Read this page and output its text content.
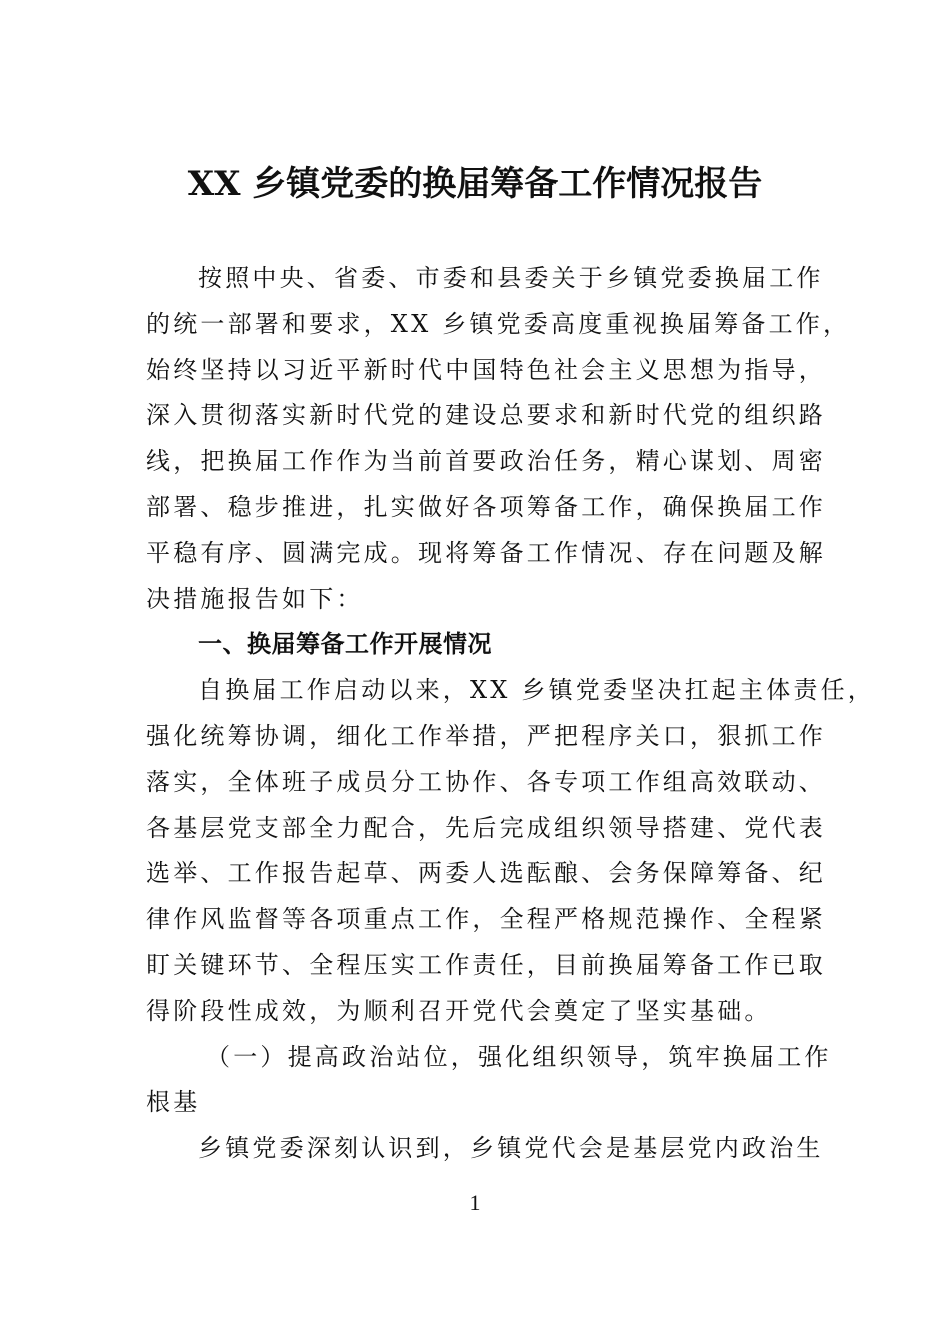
XX 乡镇党委的换届筹备工作情况报告
按照中央、省委、市委和县委关于乡镇党委换届工作
的统一部署和要求，XX 乡镇党委高度重视换届筹备工作，
始终坚持以习近平新时代中国特色社会主义思想为指导，
深入贯彻落实新时代党的建设总要求和新时代党的组织路
线，把换届工作作为当前首要政治任务，精心谋划、周密
部署、稳步推进，扎实做好各项筹备工作，确保换届工作
平稳有序、圆满完成。现将筹备工作情况、存在问题及解
决措施报告如下：
一、换届筹备工作开展情况
自换届工作启动以来，XX 乡镇党委坚决扛起主体责任，
强化统筹协调，细化工作举措，严把程序关口，狠抓工作
落实，全体班子成员分工协作、各专项工作组高效联动、
各基层党支部全力配合，先后完成组织领导搭建、党代表
选举、工作报告起草、两委人选酝酿、会务保障筹备、纪
律作风监督等各项重点工作，全程严格规范操作、全程紧
盯关键环节、全程压实工作责任，目前换届筹备工作已取
得阶段性成效，为顺利召开党代会奠定了坚实基础。
（一）提高政治站位，强化组织领导，筑牢换届工作
根基
乡镇党委深刻认识到，乡镇党代会是基层党内政治生
1
